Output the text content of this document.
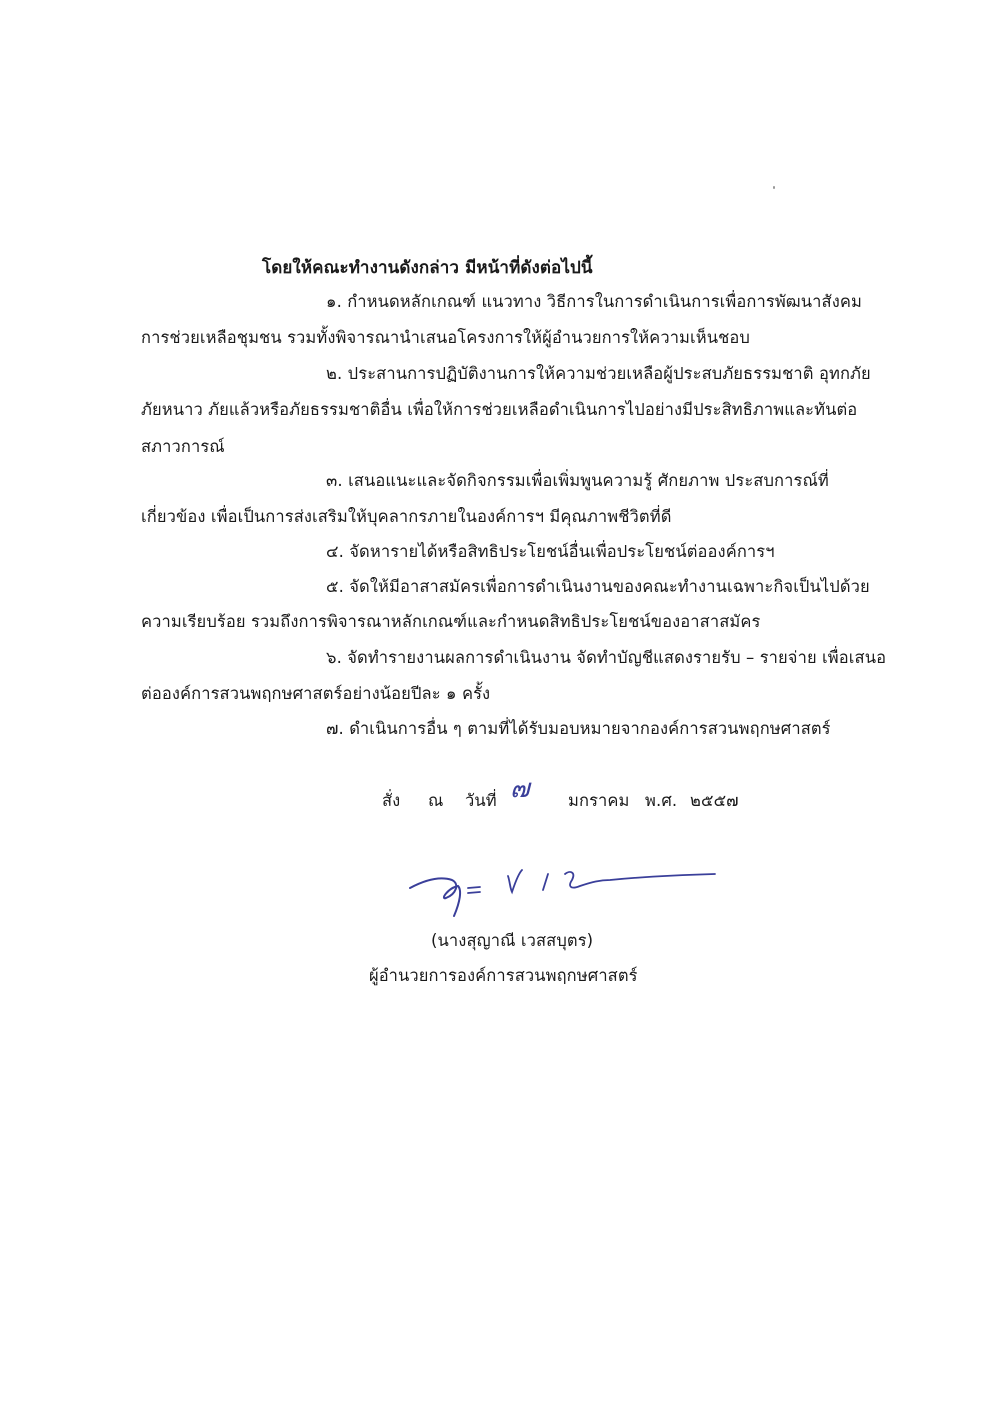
โดยให้คณะทำงานดังกล่าว มีหน้าที่ดังต่อไปนี้
๑. กำหนดหลักเกณฑ์ แนวทาง วิธีการในการดำเนินการเพื่อการพัฒนาสังคม
การช่วยเหลือชุมชน รวมทั้งพิจารณานำเสนอโครงการให้ผู้อำนวยการให้ความเห็นชอบ
๒. ประสานการปฏิบัติงานการให้ความช่วยเหลือผู้ประสบภัยธรรมชาติ อุทกภัย
ภัยหนาว ภัยแล้วหรือภัยธรรมชาติอื่น เพื่อให้การช่วยเหลือดำเนินการไปอย่างมีประสิทธิภาพและทันต่อ
สภาวการณ์
๓. เสนอแนะและจัดกิจกรรมเพื่อเพิ่มพูนความรู้ ศักยภาพ ประสบการณ์ที่
เกี่ยวข้อง เพื่อเป็นการส่งเสริมให้บุคลากรภายในองค์การฯ มีคุณภาพชีวิตที่ดี
๔. จัดหารายได้หรือสิทธิประโยชน์อื่นเพื่อประโยชน์ต่อองค์การฯ
๕. จัดให้มีอาสาสมัครเพื่อการดำเนินงานของคณะทำงานเฉพาะกิจเป็นไปด้วย
ความเรียบร้อย รวมถึงการพิจารณาหลักเกณฑ์และกำหนดสิทธิประโยชน์ของอาสาสมัคร
๖. จัดทำรายงานผลการดำเนินงาน จัดทำบัญชีแสดงรายรับ – รายจ่าย เพื่อเสนอ
ต่อองค์การสวนพฤกษศาสตร์อย่างน้อยปีละ ๑ ครั้ง
๗. ดำเนินการอื่น ๆ ตามที่ได้รับมอบหมายจากองค์การสวนพฤกษศาสตร์
สั่ง ณ วันที่ ๗ มกราคม พ.ศ. ๒๕๕๗
(นางสุญาณี เวสสบุตร)
ผู้อำนวยการองค์การสวนพฤกษศาสตร์
